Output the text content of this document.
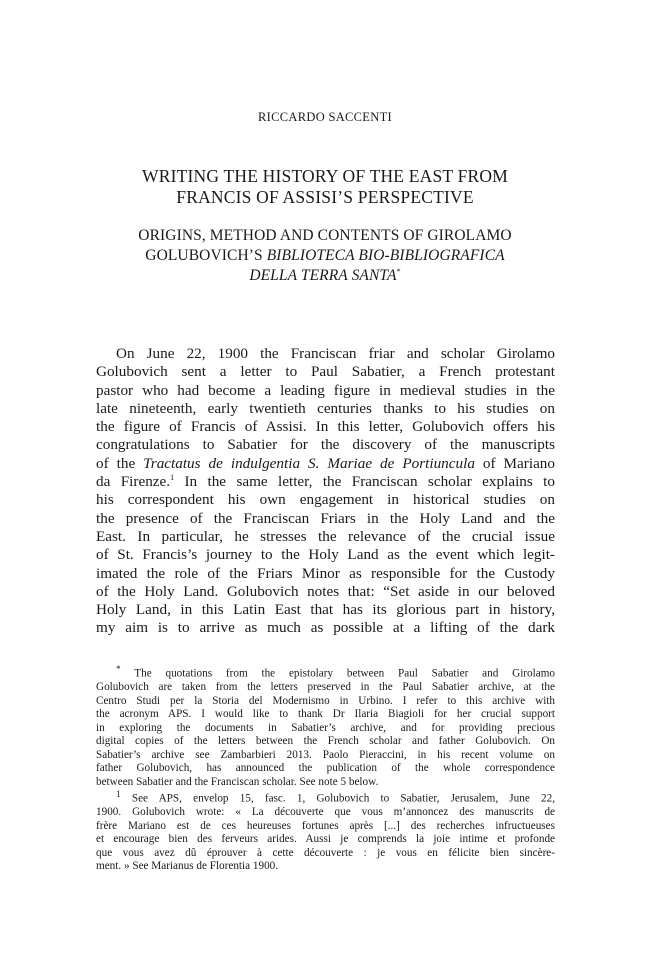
RICCARDO SACCENTI
WRITING THE HISTORY OF THE EAST FROM
FRANCIS OF ASSISI’S PERSPECTIVE
ORIGINS, METHOD AND CONTENTS OF GIROLAMO
GOLUBOVICH’S BIBLIOTECA BIO-BIBLIOGRAFICA
DELLA TERRA SANTA*
On June 22, 1900 the Franciscan friar and scholar Girolamo
Golubovich sent a letter to Paul Sabatier, a French protestant
pastor who had become a leading figure in medieval studies in the
late nineteenth, early twentieth centuries thanks to his studies on
the figure of Francis of Assisi. In this letter, Golubovich offers his
congratulations to Sabatier for the discovery of the manuscripts
of the Tractatus de indulgentia S. Mariae de Portiuncula of Mariano
da Firenze.$^1$ In the same letter, the Franciscan scholar explains to
his correspondent his own engagement in historical studies on
the presence of the Franciscan Friars in the Holy Land and the
East. In particular, he stresses the relevance of the crucial issue
of St. Francis’s journey to the Holy Land as the event which legit-
imated the role of the Friars Minor as responsible for the Custody
of the Holy Land. Golubovich notes that: “Set aside in our beloved
Holy Land, in this Latin East that has its glorious part in history,
my aim is to arrive as much as possible at a lifting of the dark
* The quotations from the epistolary between Paul Sabatier and Girolamo
Golubovich are taken from the letters preserved in the Paul Sabatier archive, at the
Centro Studi per la Storia del Modernismo in Urbino. I refer to this archive with
the acronym APS. I would like to thank Dr Ilaria Biagioli for her crucial support
in exploring the documents in Sabatier’s archive, and for providing precious
digital copies of the letters between the French scholar and father Golubovich. On
Sabatier’s archive see Zambarbieri 2013. Paolo Pieraccini, in his recent volume on
father Golubovich, has announced the publication of the whole correspondence
between Sabatier and the Franciscan scholar. See note 5 below.
$^1$ See APS, envelop 15, fasc. 1, Golubovich to Sabatier, Jerusalem, June 22,
1900. Golubovich wrote: « La découverte que vous m’annoncez des manuscrits de
frère Mariano est de ces heureuses fortunes après [...] des recherches infructueuses
et encourage bien des ferveurs arides. Aussi je comprends la joie intime et profonde
que vous avez dû éprouver à cette découverte : je vous en félicite bien sincère-
ment. » See Marianus de Florentia 1900.
